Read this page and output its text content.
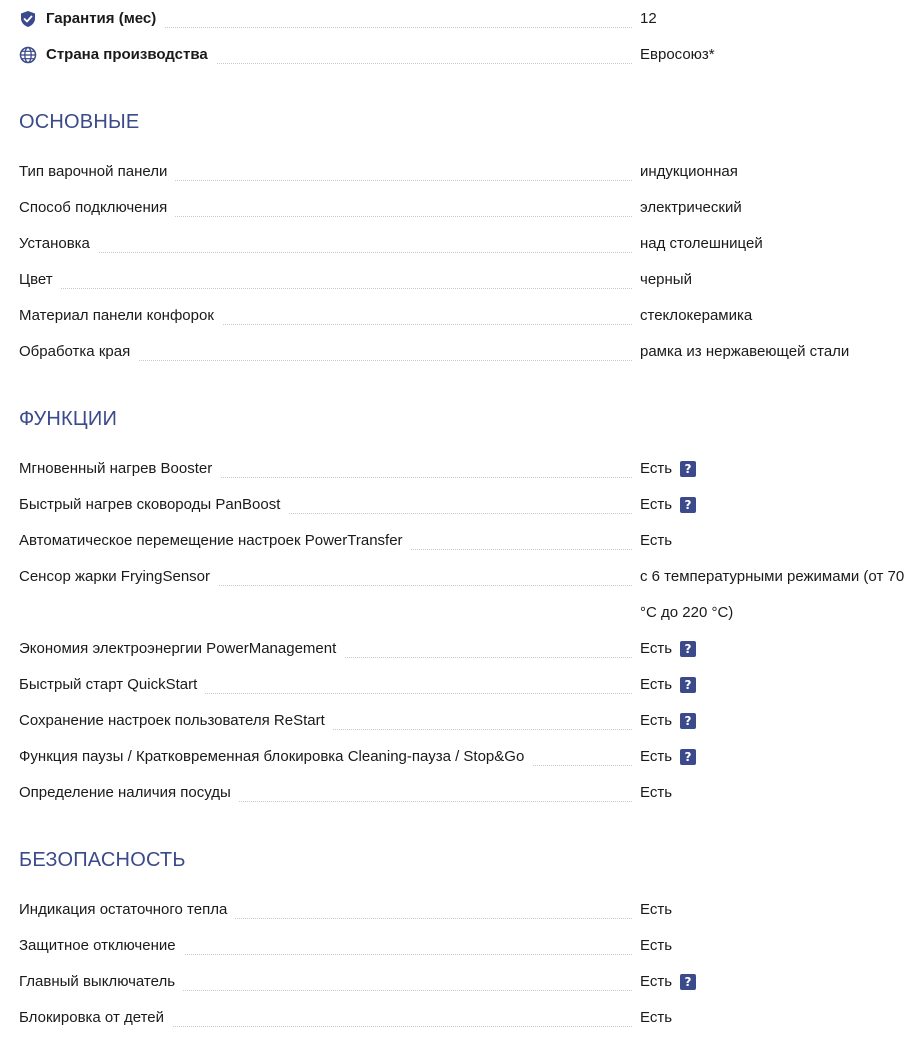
Гарантия (мес)	12
Страна производства	Евросоюз*
ОСНОВНЫЕ
Тип варочной панели	индукционная
Способ подключения	электрический
Установка	над столешницей
Цвет	черный
Материал панели конфорок	стеклокерамика
Обработка края	рамка из нержавеющей стали
ФУНКЦИИ
Мгновенный нагрев Booster	Есть	?
Быстрый нагрев сковороды PanBoost	Есть	?
Автоматическое перемещение настроек PowerTransfer	Есть
Сенсор жарки FryingSensor	с 6 температурными режимами (от 70 °C до 220 °C)
Экономия электроэнергии PowerManagement	Есть	?
Быстрый старт QuickStart	Есть	?
Сохранение настроек пользователя ReStart	Есть	?
Функция паузы / Кратковременная блокировка Cleaning-пауза / Stop&Go	Есть	?
Определение наличия посуды	Есть
БЕЗОПАСНОСТЬ
Индикация остаточного тепла	Есть
Защитное отключение	Есть
Главный выключатель	Есть	?
Блокировка от детей	Есть
